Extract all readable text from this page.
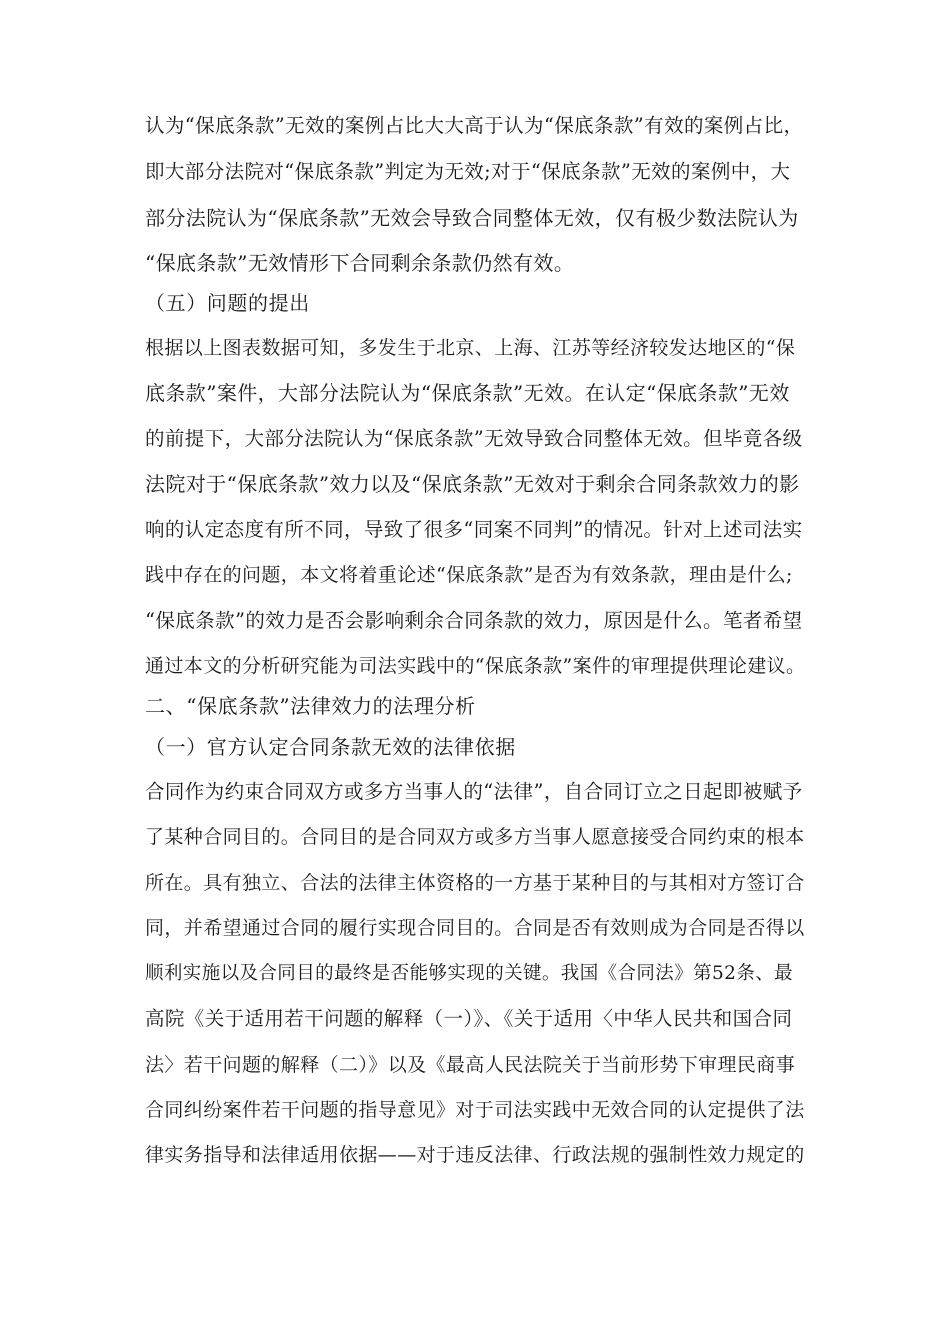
认为“保底条款”无效的案例占比大大高于认为“保底条款”有效的案例占比，
即大部分法院对“保底条款”判定为无效;对于“保底条款”无效的案例中，大
部分法院认为“保底条款”无效会导致合同整体无效，仅有极少数法院认为
“保底条款”无效情形下合同剩余条款仍然有效。
（五）问题的提出
根据以上图表数据可知，多发生于北京、上海、江苏等经济较发达地区的“保
底条款”案件，大部分法院认为“保底条款”无效。在认定“保底条款”无效
的前提下，大部分法院认为“保底条款”无效导致合同整体无效。但毕竟各级
法院对于“保底条款”效力以及“保底条款”无效对于剩余合同条款效力的影
响的认定态度有所不同，导致了很多“同案不同判”的情况。针对上述司法实
践中存在的问题，本文将着重论述“保底条款”是否为有效条款，理由是什么;
“保底条款”的效力是否会影响剩余合同条款的效力，原因是什么。笔者希望
通过本文的分析研究能为司法实践中的“保底条款”案件的审理提供理论建议。
二、“保底条款”法律效力的法理分析
（一）官方认定合同条款无效的法律依据
合同作为约束合同双方或多方当事人的“法律”，自合同订立之日起即被赋予
了某种合同目的。合同目的是合同双方或多方当事人愿意接受合同约束的根本
所在。具有独立、合法的法律主体资格的一方基于某种目的与其相对方签订合
同，并希望通过合同的履行实现合同目的。合同是否有效则成为合同是否得以
顺利实施以及合同目的最终是否能够实现的关键。我国《合同法》第52条、最
高院《关于适用若干问题的解释（一）》、《关于适用〈中华人民共和国合同
法〉若干问题的解释（二）》以及《最高人民法院关于当前形势下审理民商事
合同纠纷案件若干问题的指导意见》对于司法实践中无效合同的认定提供了法
律实务指导和法律适用依据——对于违反法律、行政法规的强制性效力规定的
